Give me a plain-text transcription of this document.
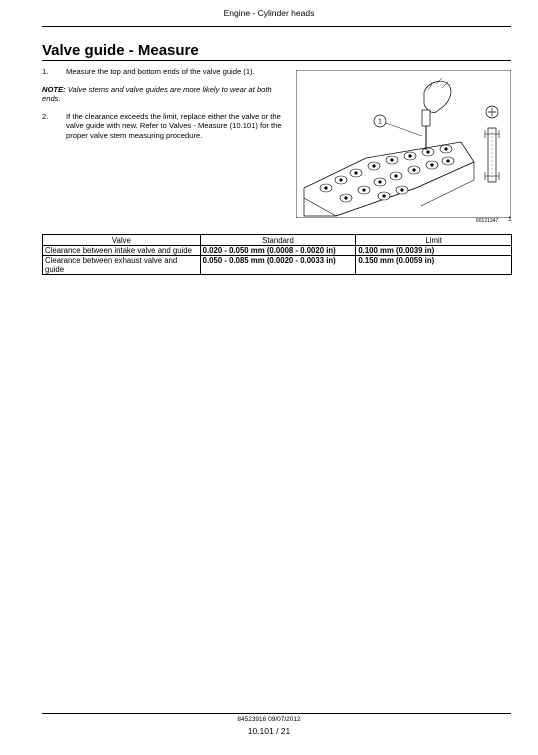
Engine - Cylinder heads
Valve guide - Measure
1.	Measure the top and bottom ends of the valve guide (1).
NOTE: Valve stems and valve guides are more likely to wear at both ends.
2.	If the clearance exceeds the limit, replace either the valve or the valve guide with new. Refer to Valves - Measure (10.101) for the proper valve stem measuring procedure.
1
60121347 1
Valve	Standard	Limit
Clearance between intake valve and guide	0.020 - 0.050 mm (0.0008 - 0.0020 in)	0.100 mm (0.0039 in)
Clearance between exhaust valve and guide	0.050 - 0.085 mm (0.0020 - 0.0033 in)	0.150 mm (0.0059 in)
84523916 09/07/2012
10.101 / 21
